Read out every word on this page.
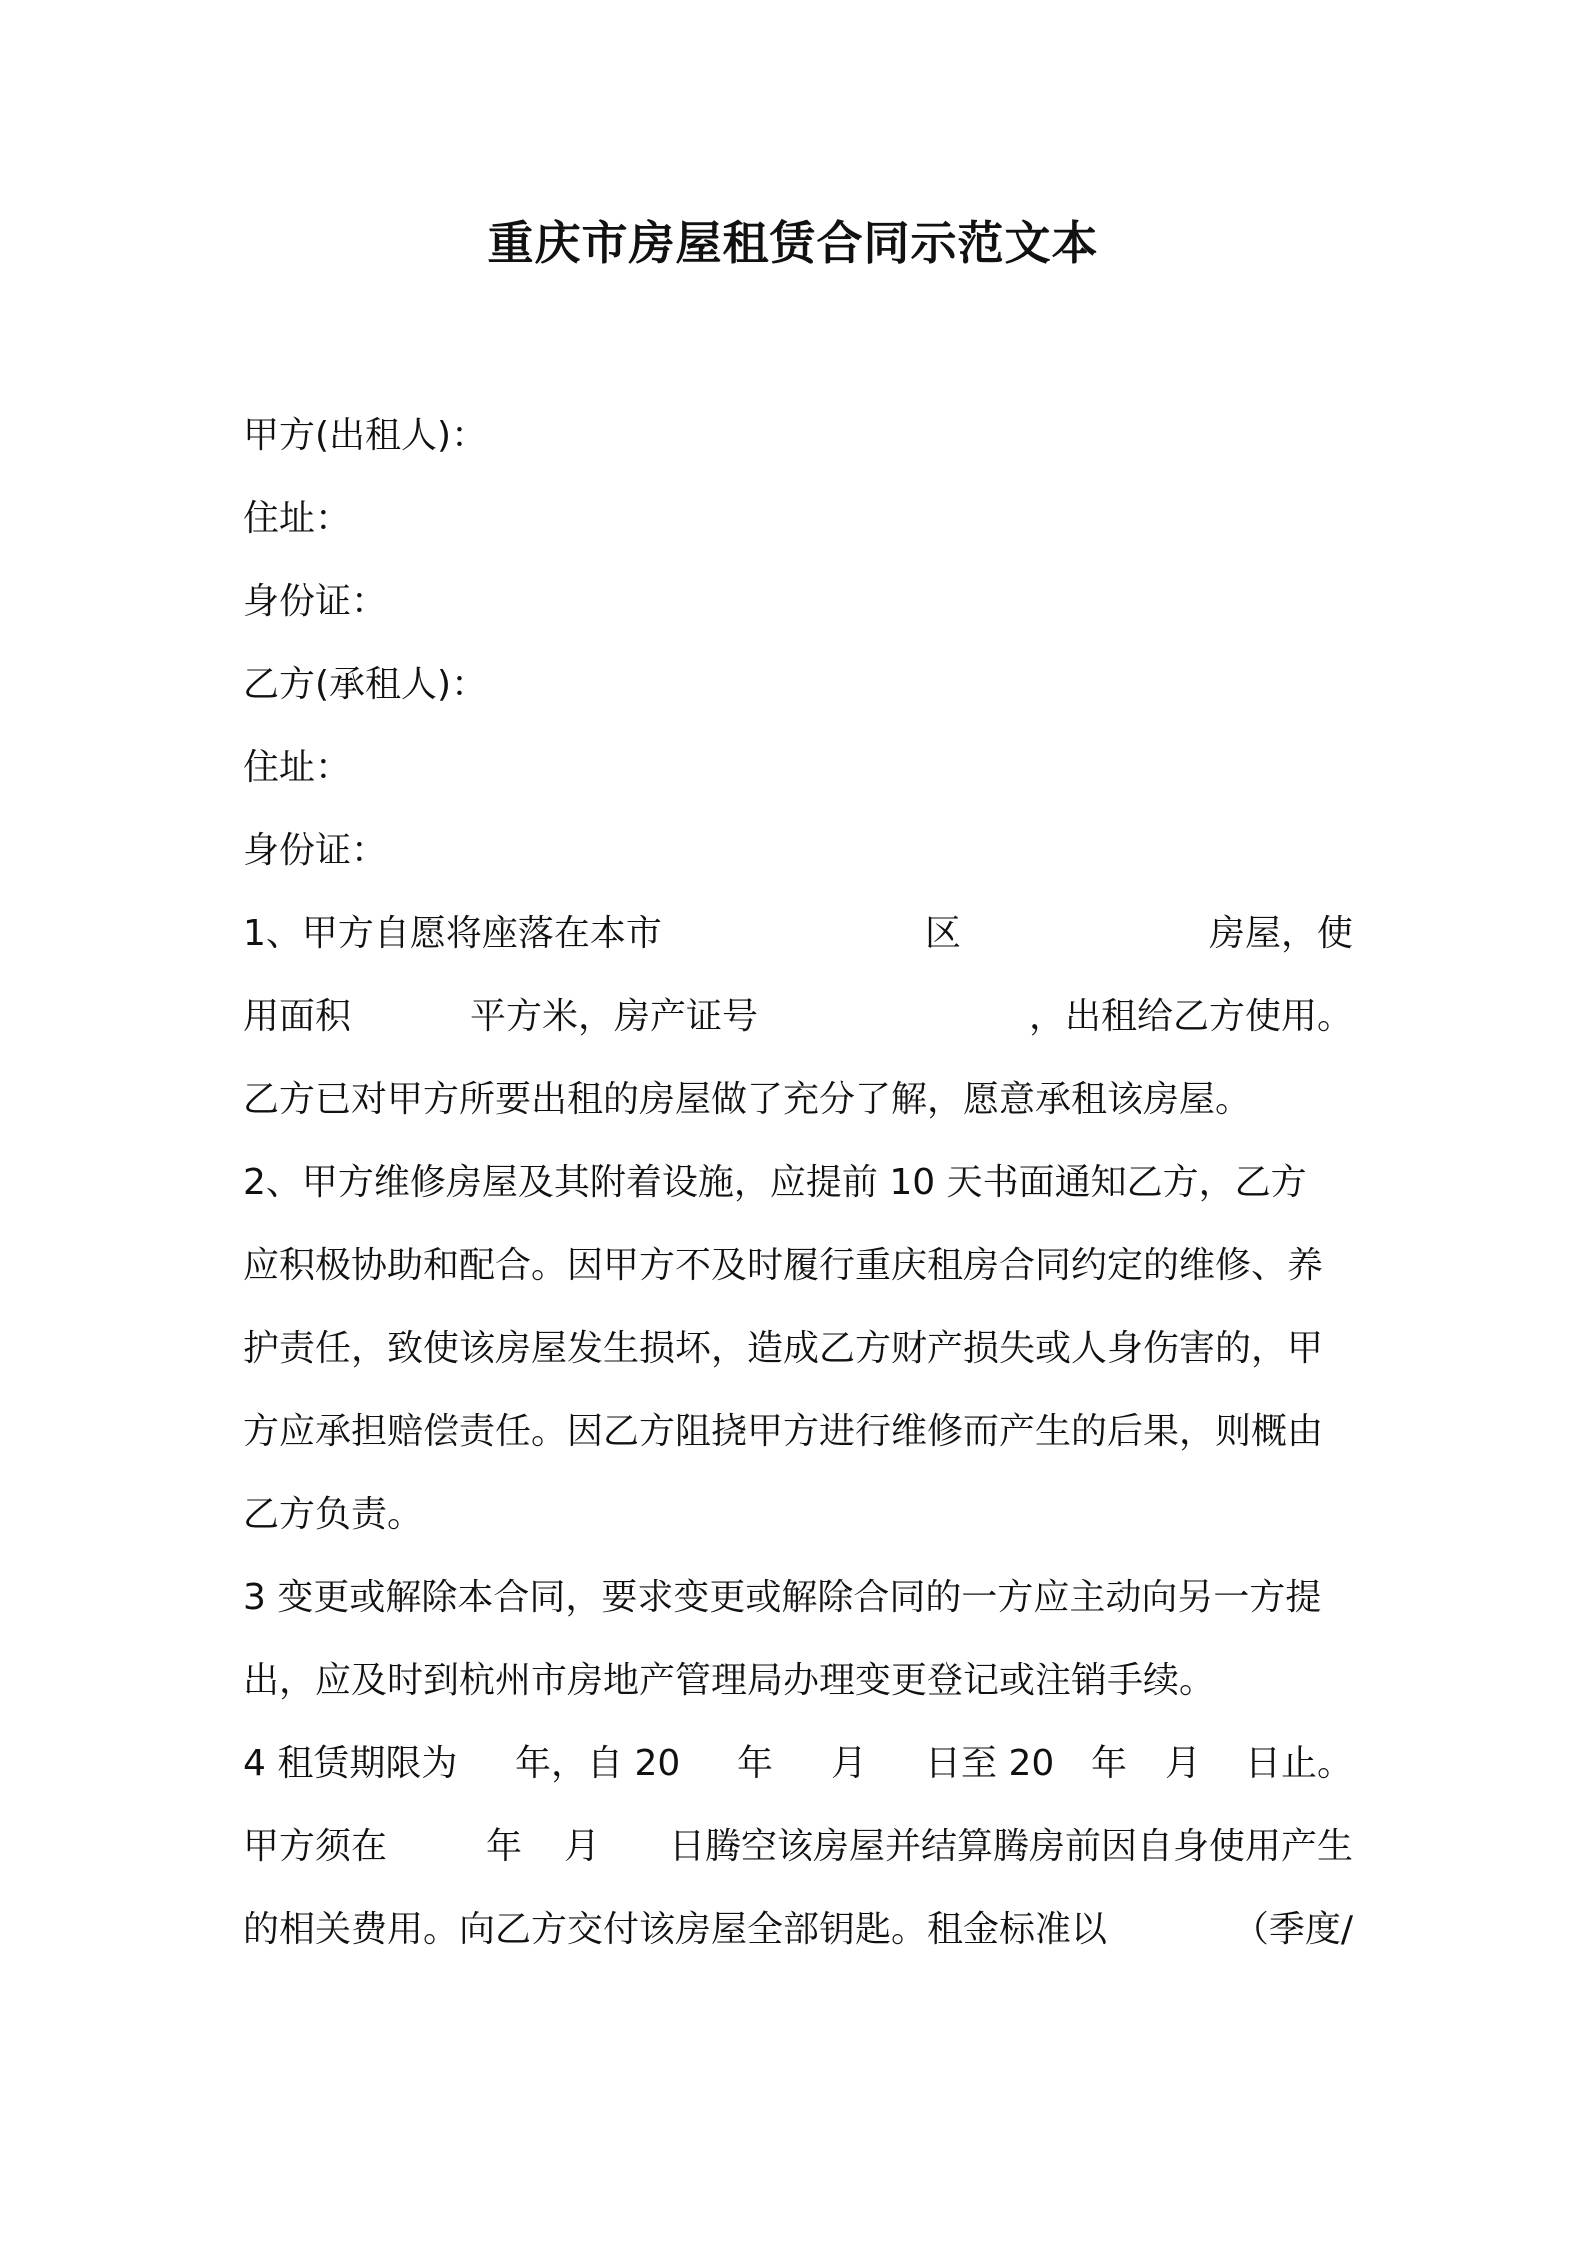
重庆市房屋租赁合同示范文本
甲方(出租人)：
住址：
身份证：
乙方(承租人)：
住址：
身份证：
1、甲方自愿将座落在本市	区	房屋，使
用面积	平方米，房产证号	，出租给乙方使用。
乙方已对甲方所要出租的房屋做了充分了解，愿意承租该房屋。
2、甲方维修房屋及其附着设施，应提前 10 天书面通知乙方，乙方
应积极协助和配合。因甲方不及时履行重庆租房合同约定的维修、养
护责任，致使该房屋发生损坏，造成乙方财产损失或人身伤害的，甲
方应承担赔偿责任。因乙方阻挠甲方进行维修而产生的后果，则概由
乙方负责。
3 变更或解除本合同，要求变更或解除合同的一方应主动向另一方提
出，应及时到杭州市房地产管理局办理变更登记或注销手续。
4 租赁期限为 年，自 20 年 月 日至 20 年 月 日止。
甲方须在	年 月 日腾空该房屋并结算腾房前因自身使用产生
的相关费用。向乙方交付该房屋全部钥匙。租金标准以	（季度/
